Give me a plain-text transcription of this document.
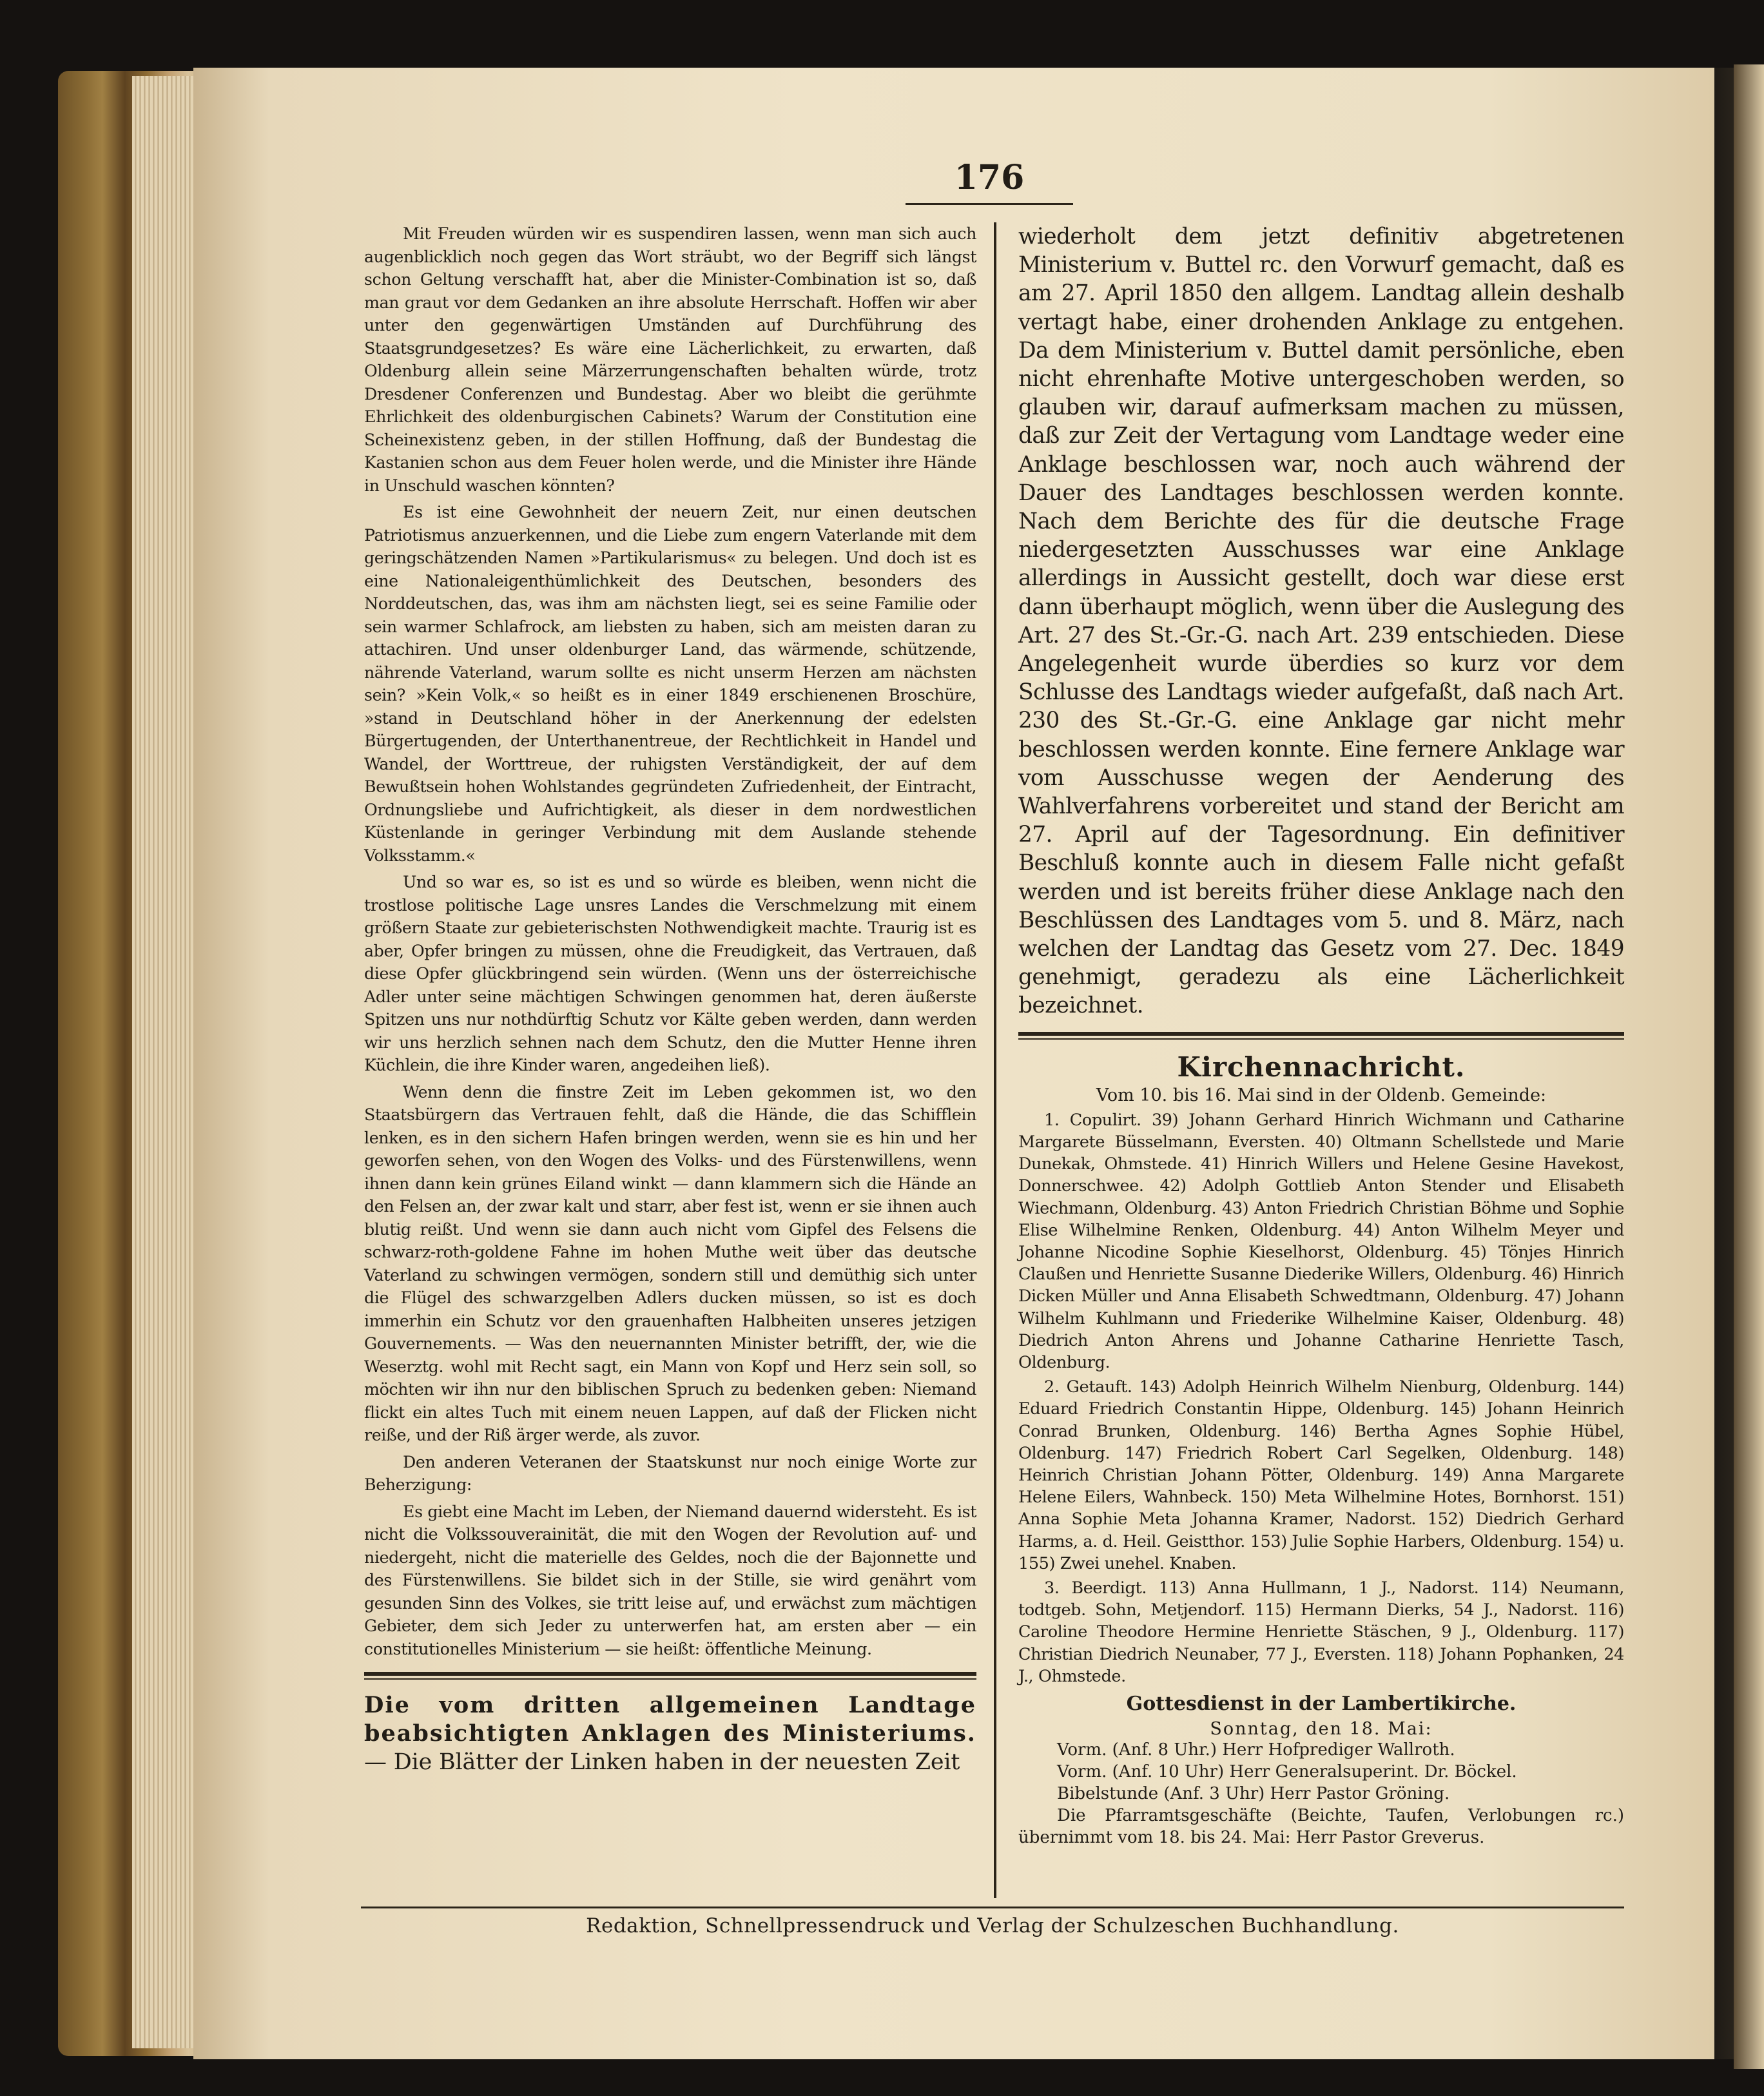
176

Mit Freuden würden wir es suspendiren lassen, wenn man sich auch augenblicklich noch gegen das Wort sträubt, wo der Begriff sich längst schon Geltung verschafft hat, aber die Minister-Combination ist so, daß man graut vor dem Gedanken an ihre absolute Herrschaft. Hoffen wir aber unter den gegenwärtigen Umständen auf Durchführung des Staatsgrundgesetzes? Es wäre eine Lächerlichkeit, zu erwarten, daß Oldenburg allein seine Märzerrungenschaften behalten würde, trotz Dresdener Conferenzen und Bundestag. Aber wo bleibt die gerühmte Ehrlichkeit des oldenburgischen Cabinets? Warum der Constitution eine Scheinexistenz geben, in der stillen Hoffnung, daß der Bundestag die Kastanien schon aus dem Feuer holen werde, und die Minister ihre Hände in Unschuld waschen könnten?

Es ist eine Gewohnheit der neuern Zeit, nur einen deutschen Patriotismus anzuerkennen, und die Liebe zum engern Vaterlande mit dem geringschätzenden Namen »Partikularismus« zu belegen. Und doch ist es eine Nationaleigenthümlichkeit des Deutschen, besonders des Norddeutschen, das, was ihm am nächsten liegt, sei es seine Familie oder sein warmer Schlafrock, am liebsten zu haben, sich am meisten daran zu attachiren. Und unser oldenburger Land, das wärmende, schützende, nährende Vaterland, warum sollte es nicht unserm Herzen am nächsten sein? »Kein Volk,« so heißt es in einer 1849 erschienenen Broschüre, »stand in Deutschland höher in der Anerkennung der edelsten Bürgertugenden, der Unterthanentreue, der Rechtlichkeit in Handel und Wandel, der Worttreue, der ruhigsten Verständigkeit, der auf dem Bewußtsein hohen Wohlstandes gegründeten Zufriedenheit, der Eintracht, Ordnungsliebe und Aufrichtigkeit, als dieser in dem nordwestlichen Küstenlande in geringer Verbindung mit dem Auslande stehende Volksstamm.«

Und so war es, so ist es und so würde es bleiben, wenn nicht die trostlose politische Lage unsres Landes die Verschmelzung mit einem größern Staate zur gebieterischsten Nothwendigkeit machte. Traurig ist es aber, Opfer bringen zu müssen, ohne die Freudigkeit, das Vertrauen, daß diese Opfer glückbringend sein würden. (Wenn uns der österreichische Adler unter seine mächtigen Schwingen genommen hat, deren äußerste Spitzen uns nur nothdürftig Schutz vor Kälte geben werden, dann werden wir uns herzlich sehnen nach dem Schutz, den die Mutter Henne ihren Küchlein, die ihre Kinder waren, angedeihen ließ).

Wenn denn die finstre Zeit im Leben gekommen ist, wo den Staatsbürgern das Vertrauen fehlt, daß die Hände, die das Schifflein lenken, es in den sichern Hafen bringen werden, wenn sie es hin und her geworfen sehen, von den Wogen des Volks- und des Fürstenwillens, wenn ihnen dann kein grünes Eiland winkt — dann klammern sich die Hände an den Felsen an, der zwar kalt und starr, aber fest ist, wenn er sie ihnen auch blutig reißt. Und wenn sie dann auch nicht vom Gipfel des Felsens die schwarz-roth-goldene Fahne im hohen Muthe weit über das deutsche Vaterland zu schwingen vermögen, sondern still und demüthig sich unter die Flügel des schwarzgelben Adlers ducken müssen, so ist es doch immerhin ein Schutz vor den grauenhaften Halbheiten unseres jetzigen Gouvernements. — Was den neuernannten Minister betrifft, der, wie die Weserztg. wohl mit Recht sagt, ein Mann von Kopf und Herz sein soll, so möchten wir ihn nur den biblischen Spruch zu bedenken geben: Niemand flickt ein altes Tuch mit einem neuen Lappen, auf daß der Flicken nicht reiße, und der Riß ärger werde, als zuvor.

Den anderen Veteranen der Staatskunst nur noch einige Worte zur Beherzigung:

Es giebt eine Macht im Leben, der Niemand dauernd widersteht. Es ist nicht die Volkssouverainität, die mit den Wogen der Revolution auf- und niedergeht, nicht die materielle des Geldes, noch die der Bajonnette und des Fürstenwillens. Sie bildet sich in der Stille, sie wird genährt vom gesunden Sinn des Volkes, sie tritt leise auf, und erwächst zum mächtigen Gebieter, dem sich Jeder zu unterwerfen hat, am ersten aber — ein constitutionelles Ministerium — sie heißt: öffentliche Meinung.

Die vom dritten allgemeinen Landtage beabsichtigten Anklagen des Ministeriums. — Die Blätter der Linken haben in der neuesten Zeit

wiederholt dem jetzt definitiv abgetretenen Ministerium v. Buttel rc. den Vorwurf gemacht, daß es am 27. April 1850 den allgem. Landtag allein deshalb vertagt habe, einer drohenden Anklage zu entgehen. Da dem Ministerium v. Buttel damit persönliche, eben nicht ehrenhafte Motive untergeschoben werden, so glauben wir, darauf aufmerksam machen zu müssen, daß zur Zeit der Vertagung vom Landtage weder eine Anklage beschlossen war, noch auch während der Dauer des Landtages beschlossen werden konnte. Nach dem Berichte des für die deutsche Frage niedergesetzten Ausschusses war eine Anklage allerdings in Aussicht gestellt, doch war diese erst dann überhaupt möglich, wenn über die Auslegung des Art. 27 des St.-Gr.-G. nach Art. 239 entschieden. Diese Angelegenheit wurde überdies so kurz vor dem Schlusse des Landtags wieder aufgefaßt, daß nach Art. 230 des St.-Gr.-G. eine Anklage gar nicht mehr beschlossen werden konnte. Eine fernere Anklage war vom Ausschusse wegen der Aenderung des Wahlverfahrens vorbereitet und stand der Bericht am 27. April auf der Tagesordnung. Ein definitiver Beschluß konnte auch in diesem Falle nicht gefaßt werden und ist bereits früher diese Anklage nach den Beschlüssen des Landtages vom 5. und 8. März, nach welchen der Landtag das Gesetz vom 27. Dec. 1849 genehmigt, geradezu als eine Lächerlichkeit bezeichnet.

Kirchennachricht.
Vom 10. bis 16. Mai sind in der Oldenb. Gemeinde:

1. Copulirt. 39) Johann Gerhard Hinrich Wichmann und Catharine Margarete Büsselmann, Eversten. 40) Oltmann Schellstede und Marie Dunekak, Ohmstede. 41) Hinrich Willers und Helene Gesine Havekost, Donnerschwee. 42) Adolph Gottlieb Anton Stender und Elisabeth Wiechmann, Oldenburg. 43) Anton Friedrich Christian Böhme und Sophie Elise Wilhelmine Renken, Oldenburg. 44) Anton Wilhelm Meyer und Johanne Nicodine Sophie Kieselhorst, Oldenburg. 45) Tönjes Hinrich Claußen und Henriette Susanne Diederike Willers, Oldenburg. 46) Hinrich Dicken Müller und Anna Elisabeth Schwedtmann, Oldenburg. 47) Johann Wilhelm Kuhlmann und Friederike Wilhelmine Kaiser, Oldenburg. 48) Diedrich Anton Ahrens und Johanne Catharine Henriette Tasch, Oldenburg.

2. Getauft. 143) Adolph Heinrich Wilhelm Nienburg, Oldenburg. 144) Eduard Friedrich Constantin Hippe, Oldenburg. 145) Johann Heinrich Conrad Brunken, Oldenburg. 146) Bertha Agnes Sophie Hübel, Oldenburg. 147) Friedrich Robert Carl Segelken, Oldenburg. 148) Heinrich Christian Johann Pötter, Oldenburg. 149) Anna Margarete Helene Eilers, Wahnbeck. 150) Meta Wilhelmine Hotes, Bornhorst. 151) Anna Sophie Meta Johanna Kramer, Nadorst. 152) Diedrich Gerhard Harms, a. d. Heil. Geistthor. 153) Julie Sophie Harbers, Oldenburg. 154) u. 155) Zwei unehel. Knaben.

3. Beerdigt. 113) Anna Hullmann, 1 J., Nadorst. 114) Neumann, todtgeb. Sohn, Metjendorf. 115) Hermann Dierks, 54 J., Nadorst. 116) Caroline Theodore Hermine Henriette Stäschen, 9 J., Oldenburg. 117) Christian Diedrich Neunaber, 77 J., Eversten. 118) Johann Pophanken, 24 J., Ohmstede.

Gottesdienst in der Lambertikirche.
Sonntag, den 18. Mai:
Vorm. (Anf. 8 Uhr.) Herr Hofprediger Wallroth.
Vorm. (Anf. 10 Uhr) Herr Generalsuperint. Dr. Böckel.
Bibelstunde (Anf. 3 Uhr) Herr Pastor Gröning.

Die Pfarramtsgeschäfte (Beichte, Taufen, Verlobungen rc.) übernimmt vom 18. bis 24. Mai: Herr Pastor Greverus.

Redaktion, Schnellpressendruck und Verlag der Schulzeschen Buchhandlung.
